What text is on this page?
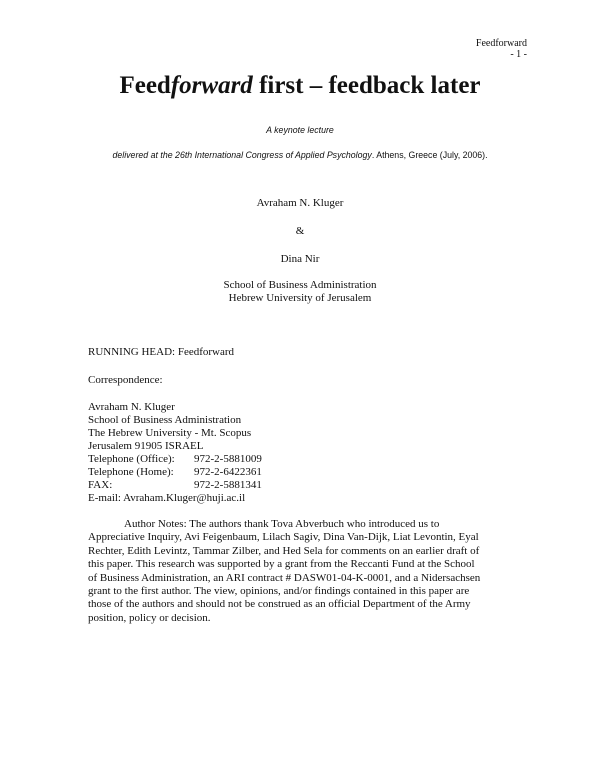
Feedforward
- 1 -
Feedforward first – feedback later
A keynote lecture
delivered at the 26th International Congress of Applied Psychology. Athens, Greece (July, 2006).
Avraham N. Kluger
&
Dina Nir
School of Business Administration
Hebrew University of Jerusalem
RUNNING HEAD: Feedforward
Correspondence:
Avraham N. Kluger
School of Business Administration
The Hebrew University - Mt. Scopus
Jerusalem 91905 ISRAEL
Telephone (Office):	972-2-5881009
Telephone (Home):	972-2-6422361
FAX:	972-2-5881341
E-mail: Avraham.Kluger@huji.ac.il
Author Notes: The authors thank Tova Abverbuch who introduced us to
Appreciative Inquiry, Avi Feigenbaum, Lilach Sagiv, Dina Van-Dijk, Liat Levontin, Eyal
Rechter, Edith Levintz, Tammar Zilber, and Hed Sela for comments on an earlier draft of
this paper. This research was supported by a grant from the Reccanti Fund at the School
of Business Administration, an ARI contract # DASW01-04-K-0001, and a Nidersachsen
grant to the first author. The view, opinions, and/or findings contained in this paper are
those of the authors and should not be construed as an official Department of the Army
position, policy or decision.
